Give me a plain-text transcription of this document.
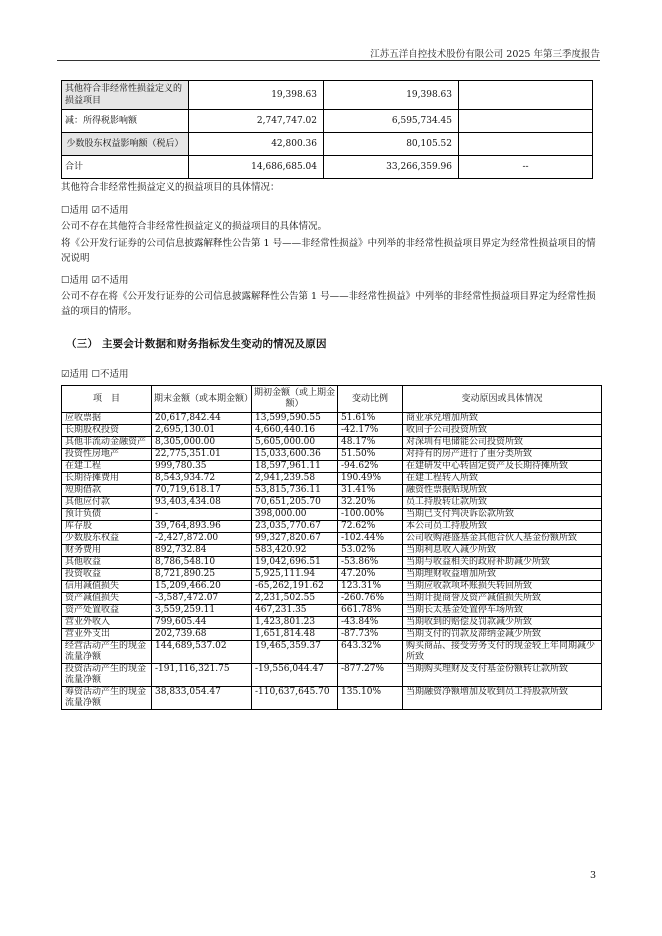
江苏五洋自控技术股份有限公司 2025 年第三季度报告
其他符合非经常性损益定义的损益项目	19,398.63	19,398.63	
减：所得税影响额	2,747,747.02	6,595,734.45	
少数股东权益影响额（税后）	42,800.36	80,105.52	
合计	14,686,685.04	33,266,359.96	--
其他符合非经常性损益定义的损益项目的具体情况：
☐适用 ☑不适用
公司不存在其他符合非经常性损益定义的损益项目的具体情况。
将《公开发行证券的公司信息披露解释性公告第 1 号——非经常性损益》中列举的非经常性损益项目界定为经常性损益项目的情况说明
☐适用 ☑不适用
公司不存在将《公开发行证券的公司信息披露解释性公告第 1 号——非经常性损益》中列举的非经常性损益项目界定为经常性损益的项目的情形。
（三） 主要会计数据和财务指标发生变动的情况及原因
☑适用 ☐不适用
项　目	期末金额（或本期金额）	期初金额（或上期金额）	变动比例	变动原因或具体情况
应收票据	20,617,842.44	13,599,590.55	51.61%	商业承兑增加所致
长期股权投资	2,695,130.01	4,660,440.16	-42.17%	收回子公司投资所致
其他非流动金融资产	8,305,000.00	5,605,000.00	48.17%	对深圳有电储能公司投资所致
投资性房地产	22,775,351.01	15,033,600.36	51.50%	对持有的房产进行了重分类所致
在建工程	999,780.35	18,597,961.11	-94.62%	在建研发中心转固定资产及长期待摊所致
长期待摊费用	8,543,934.72	2,941,239.58	190.49%	在建工程转入所致
短期借款	70,719,618.17	53,815,736.11	31.41%	融资性票据贴现所致
其他应付款	93,403,434.08	70,651,205.70	32.20%	员工持股转让款所致
预计负债	-	398,000.00	-100.00%	当期已支付判决诉讼款所致
库存股	39,764,893.96	23,035,770.67	72.62%	本公司员工持股所致
少数股东权益	-2,427,872.00	99,327,820.67	-102.44%	公司收购港盛基金其他合伙人基金份额所致
财务费用	892,732.84	583,420.92	53.02%	当期利息收入减少所致
其他收益	8,786,548.10	19,042,696.51	-53.86%	当期与收益相关的政府补助减少所致
投资收益	8,721,890.25	5,925,111.94	47.20%	当期理财收益增加所致
信用减值损失	15,209,466.20	-65,262,191.62	123.31%	当期应收款项坏账损失转回所致
资产减值损失	-3,587,472.07	2,231,502.55	-260.76%	当期计提商誉及资产减值损失所致
资产处置收益	3,559,259.11	467,231.35	661.78%	当期长太基金处置停车场所致
营业外收入	799,605.44	1,423,801.23	-43.84%	当期收到的赔偿及罚款减少所致
营业外支出	202,739.68	1,651,814.48	-87.73%	当期支付的罚款及滞纳金减少所致
经营活动产生的现金流量净额	144,689,537.02	19,465,359.37	643.32%	购买商品、接受劳务支付的现金较上年同期减少所致
投资活动产生的现金流量净额	-191,116,321.75	-19,556,044.47	-877.27%	当期购买理财及支付基金份额转让款所致
筹资活动产生的现金流量净额	38,833,054.47	-110,637,645.70	135.10%	当期融资净额增加及收到员工持股款所致
3
